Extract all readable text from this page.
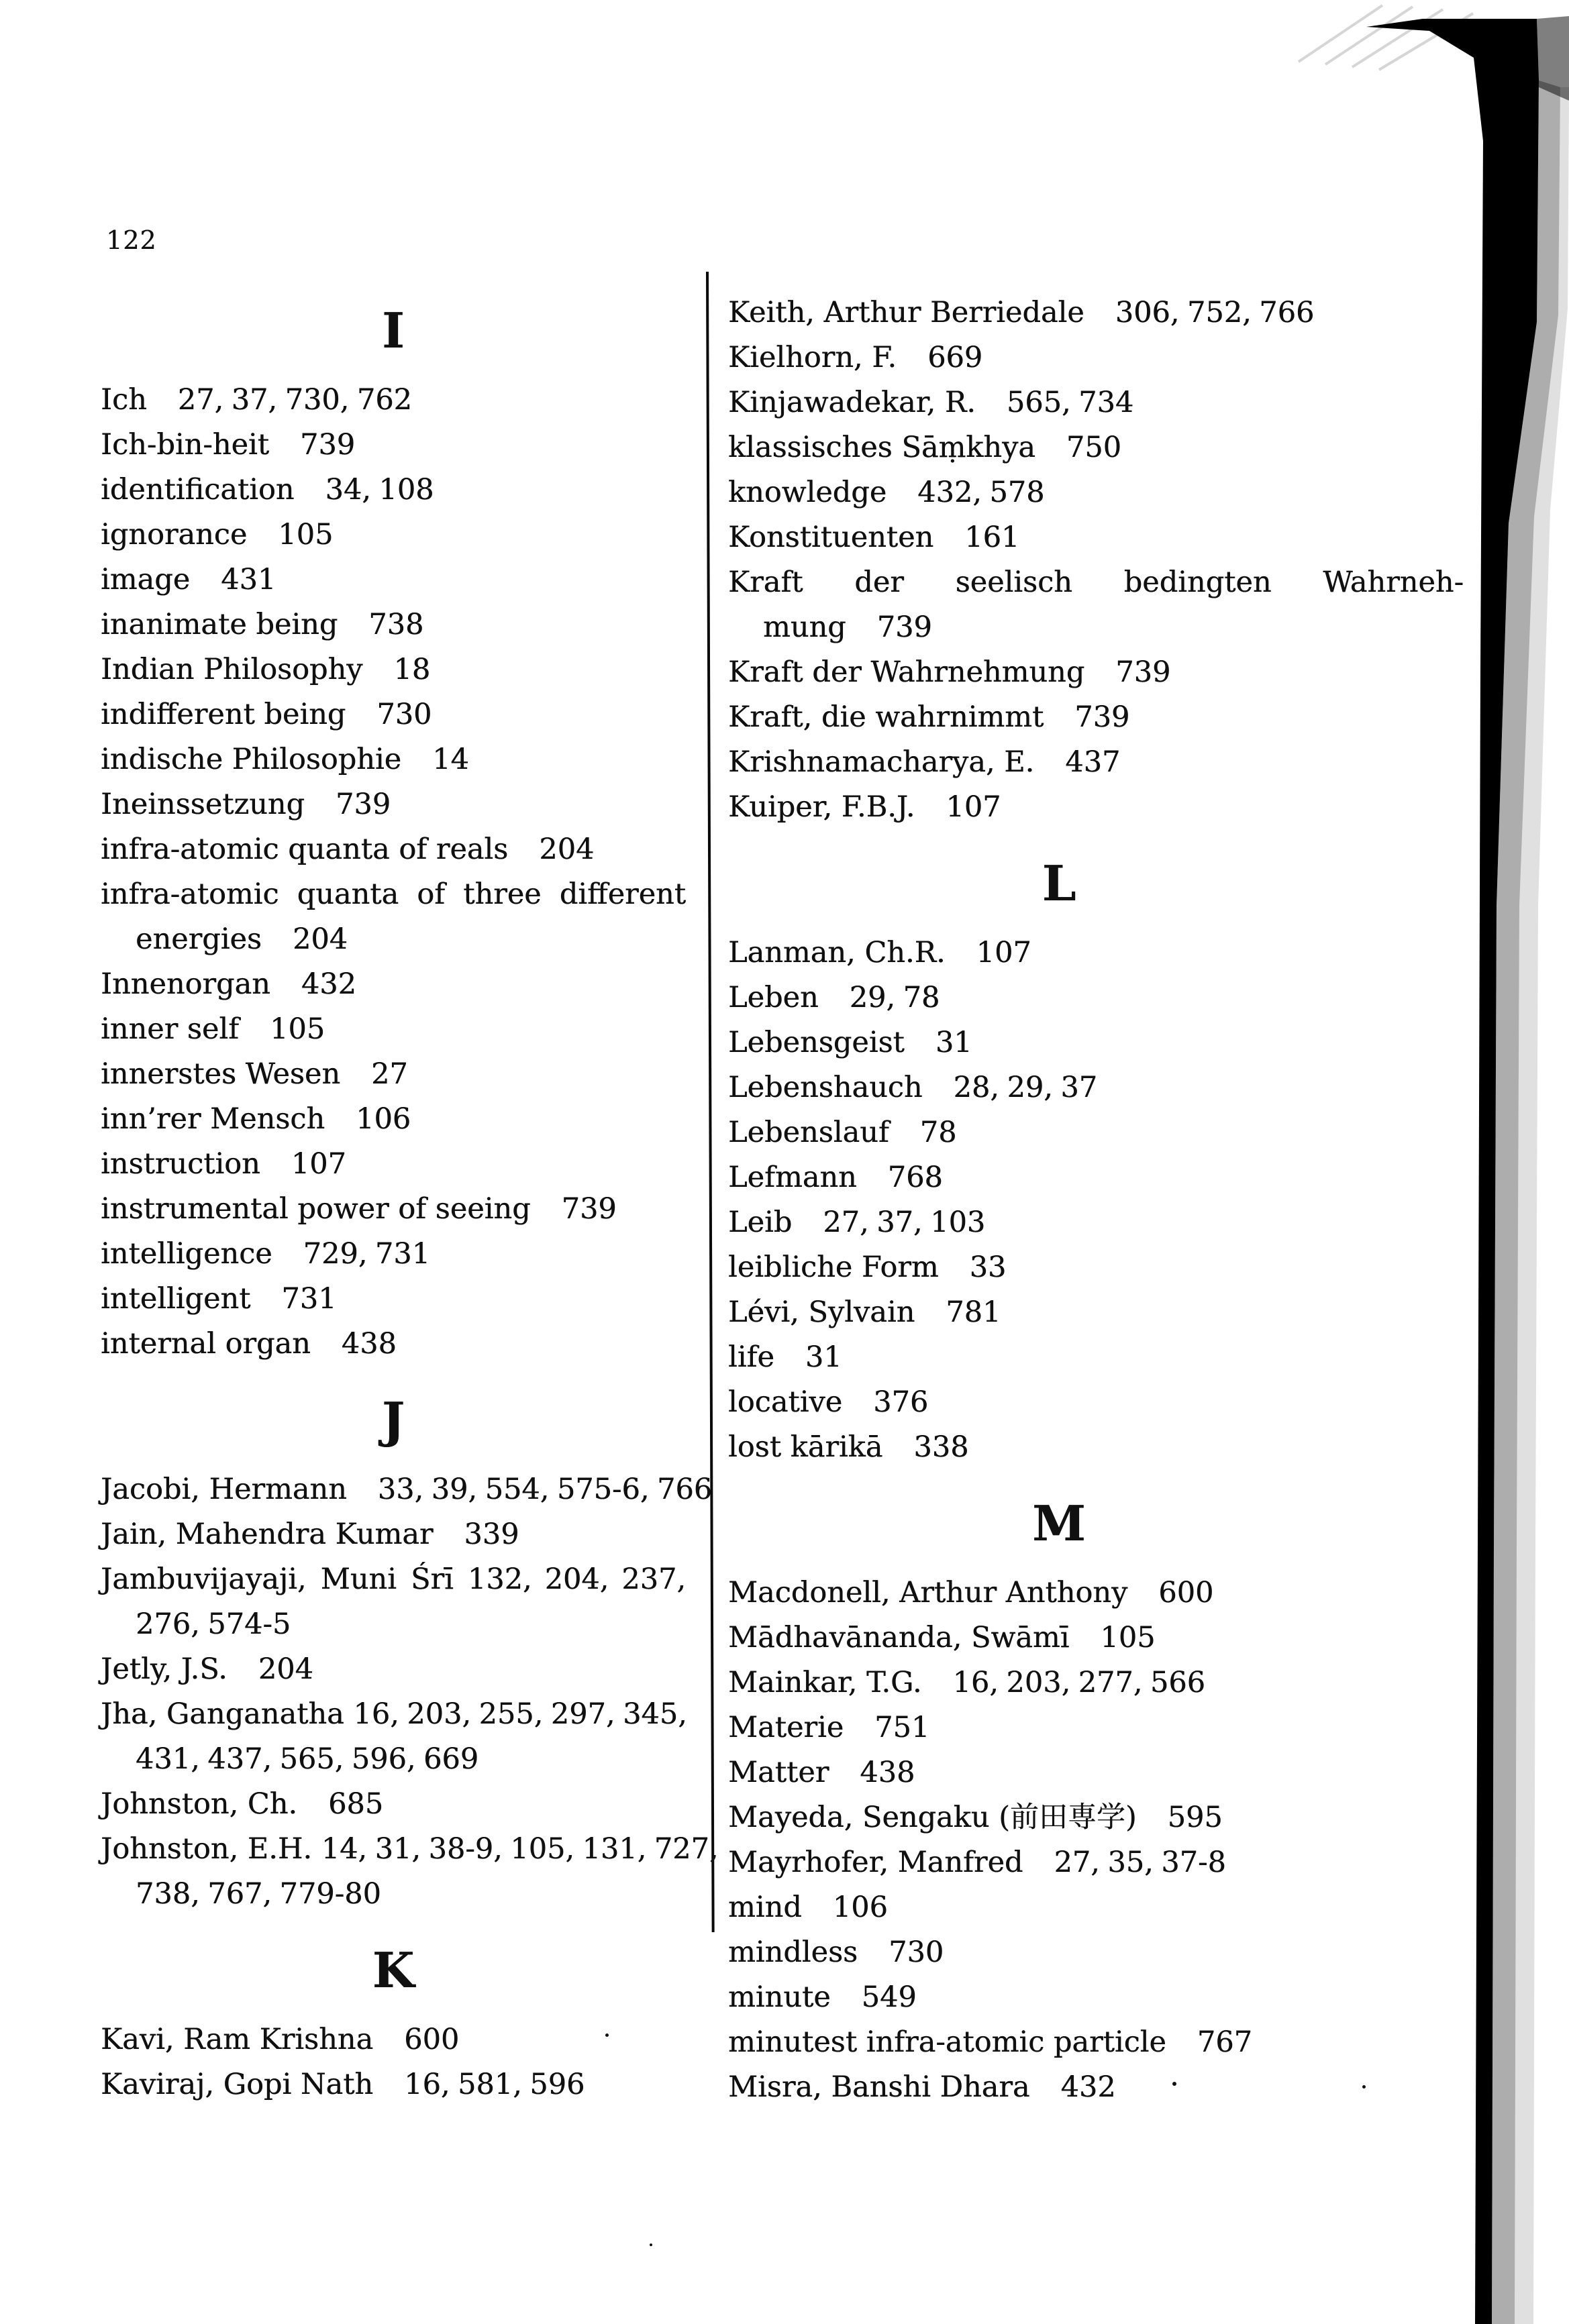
122
I
Ich 27, 37, 730, 762
Ich-bin-heit 739
identification 34, 108
ignorance 105
image 431
inanimate being 738
Indian Philosophy 18
indifferent being 730
indische Philosophie 14
Ineinssetzung 739
infra-atomic quanta of reals 204
infra-atomic quanta of three different
energies 204
Innenorgan 432
inner self 105
innerstes Wesen 27
inn’rer Mensch 106
instruction 107
instrumental power of seeing 739
intelligence 729, 731
intelligent 731
internal organ 438
J
Jacobi, Hermann 33, 39, 554, 575-6, 766
Jain, Mahendra Kumar 339
Jambuvijayaji, Muni Śrī 132, 204, 237,
276, 574-5
Jetly, J.S. 204
Jha, Ganganatha 16, 203, 255, 297, 345,
431, 437, 565, 596, 669
Johnston, Ch. 685
Johnston, E.H. 14, 31, 38-9, 105, 131, 727,
738, 767, 779-80
K
Kavi, Ram Krishna 600
Kaviraj, Gopi Nath 16, 581, 596
Keith, Arthur Berriedale 306, 752, 766
Kielhorn, F. 669
Kinjawadekar, R. 565, 734
klassisches Sāṃkhya 750
knowledge 432, 578
Konstituenten 161
Kraft der seelisch bedingten Wahrneh-
mung 739
Kraft der Wahrnehmung 739
Kraft, die wahrnimmt 739
Krishnamacharya, E. 437
Kuiper, F.B.J. 107
L
Lanman, Ch.R. 107
Leben 29, 78
Lebensgeist 31
Lebenshauch 28, 29, 37
Lebenslauf 78
Lefmann 768
Leib 27, 37, 103
leibliche Form 33
Lévi, Sylvain 781
life 31
locative 376
lost kārikā 338
M
Macdonell, Arthur Anthony 600
Mādhavānanda, Swāmī 105
Mainkar, T.G. 16, 203, 277, 566
Materie 751
Matter 438
Mayeda, Sengaku (前田専学) 595
Mayrhofer, Manfred 27, 35, 37-8
mind 106
mindless 730
minute 549
minutest infra-atomic particle 767
Misra, Banshi Dhara 432
